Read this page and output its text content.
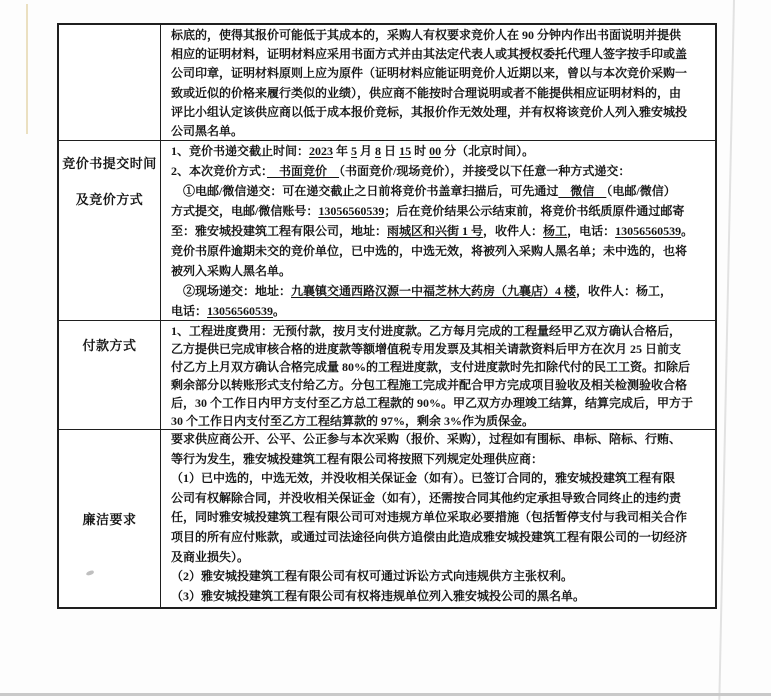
标底的，使得其报价可能低于其成本的，采购人有权要求竞价人在 90 分钟内作出书面说明并提供
相应的证明材料，证明材料应采用书面方式并由其法定代表人或其授权委托代理人签字按手印或盖
公司印章，证明材料原则上应为原件（证明材料应能证明竞价人近期以来，曾以与本次竞价采购一
致或近似的价格来履行类似的业绩），供应商不能按时合理说明或者不能提供相应证明材料的，由
评比小组认定该供应商以低于成本报价竞标，其报价作无效处理，并有权将该竞价人列入雅安城投
公司黑名单。
竞价书提交时间
及竞价方式
1、竞价书递交截止时间：2023 年 5 月 8 日 15 时 00 分（北京时间）。
2、本次竞价方式：　书面竞价　（书面竞价/现场竞价），并接受以下任意一种方式递交：
　①电邮/微信递交：可在递交截止之日前将竞价书盖章扫描后，可先通过　微信　（电邮/微信）
方式提交，电邮/微信账号：13056560539；后在竞价结果公示结束前，将竞价书纸质原件通过邮寄
至：雅安城投建筑工程有限公司，地址：雨城区和兴街 1 号，收件人：杨工，电话：13056560539。
竞价书原件逾期未交的竞价单位，已中选的，中选无效，将被列入采购人黑名单；未中选的，也将
被列入采购人黑名单。
　②现场递交：地址：九襄镇交通西路汉源一中福芝林大药房（九襄店）4 楼，收件人：杨工，
电话：13056560539。
付款方式
1、工程进度费用：无预付款，按月支付进度款。乙方每月完成的工程量经甲乙双方确认合格后，
乙方提供已完成审核合格的进度款等额增值税专用发票及其相关请款资料后甲方在次月 25 日前支
付乙方上月双方确认合格完成量 80%的工程进度款，支付进度款时先扣除代付的民工工资。扣除后
剩余部分以转账形式支付给乙方。分包工程施工完成并配合甲方完成项目验收及相关检测验收合格
后，30 个工作日内甲方支付至乙方总工程款的 90%。甲乙双方办理竣工结算，结算完成后，甲方于
30 个工作日内支付至乙方工程结算款的 97%，剩余 3%作为质保金。
廉洁要求
要求供应商公开、公平、公正参与本次采购（报价、采购），过程如有围标、串标、陪标、行贿、
等行为发生，雅安城投建筑工程有限公司将按照下列规定处理供应商：
（1）已中选的，中选无效，并没收相关保证金（如有）。已签订合同的，雅安城投建筑工程有限
公司有权解除合同，并没收相关保证金（如有），还需按合同其他约定承担导致合同终止的违约责
任，同时雅安城投建筑工程有限公司可对违规方单位采取必要措施（包括暂停支付与我司相关合作
项目的所有应付账款，或通过司法途径向供方追偿由此造成雅安城投建筑工程有限公司的一切经济
及商业损失）。
（2）雅安城投建筑工程有限公司有权可通过诉讼方式向违规供方主张权利。
（3）雅安城投建筑工程有限公司有权将违规单位列入雅安城投公司的黑名单。
